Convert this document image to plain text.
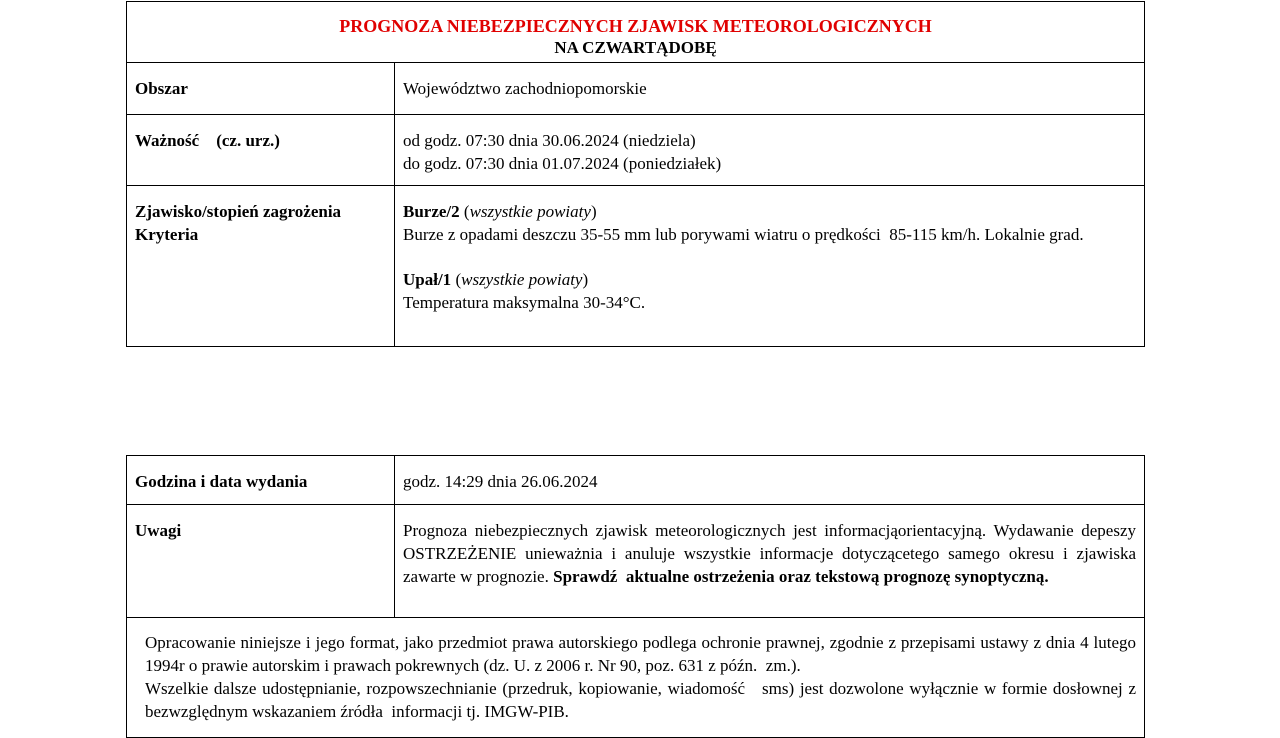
PROGNOZA NIEBEZPIECZNYCH ZJAWISK METEOROLOGICZNYCH
NA CZWARTĄDOBĘ	

Obszar	Województwo zachodniopomorskie
Ważność    (cz. urz.)	od godz. 07:30 dnia 30.06.2024 (niedziela)
do godz. 07:30 dnia 01.07.2024 (poniedziałek)

Zjawisko/stopień zagrożenia
Kryteria	Burze/2 (wszystkie powiaty)
Burze z opadami deszczu 35-55 mm lub porywami wiatru o prędkości  85-115 km/h. Lokalnie grad.
Upał/1 (wszystkie powiaty)
Temperatura maksymalna 30-34°C.
Godzina i data wydania	godz. 14:29 dnia 26.06.2024
Uwagi	Prognoza niebezpiecznych zjawisk meteorologicznych jest informacjąorientacyjną. Wydawanie depeszy OSTRZEŻENIE unieważnia i anuluje wszystkie informacje dotyczącetego samego okresu i zjawiska zawarte w prognozie. Sprawdź  aktualne ostrzeżenia oraz tekstową prognozę synoptyczną.

Opracowanie niniejsze i jego format, jako przedmiot prawa autorskiego podlega ochronie prawnej, zgodnie z przepisami ustawy z dnia 4 lutego 1994r o prawie autorskim i prawach pokrewnych (dz. U. z 2006 r. Nr 90, poz. 631 z późn.  zm.).
Wszelkie dalsze udostępnianie, rozpowszechnianie (przedruk, kopiowanie, wiadomość   sms) jest dozwolone wyłącznie w formie dosłownej z bezwzględnym wskazaniem źródła  informacji tj. IMGW-PIB.	
